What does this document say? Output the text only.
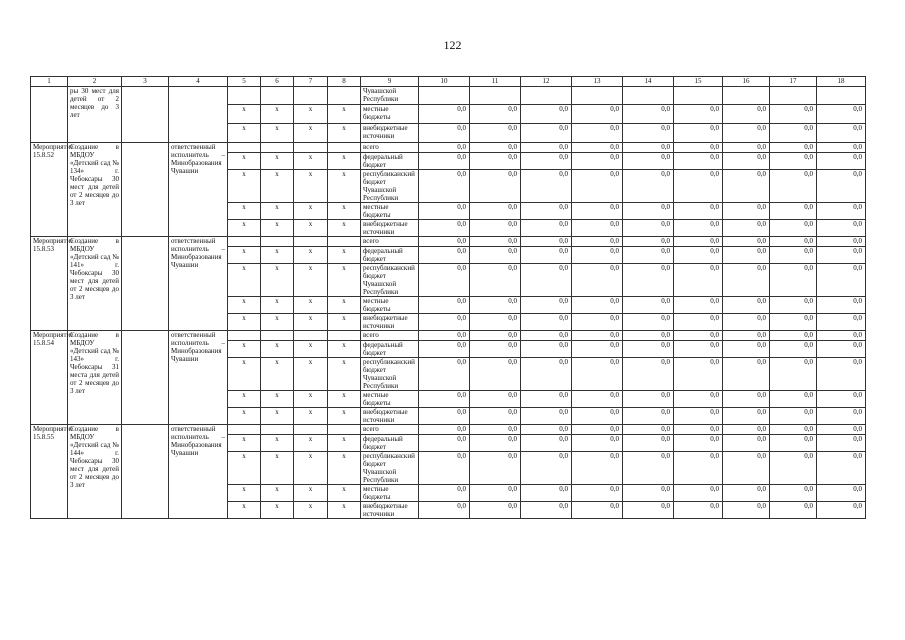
122
1	2	3	4	5	6	7	8	9	10	11	12	13	14	15	16	17	18
	ры 30 мест для детей от 2 месяцев до 3 лет							Чувашской Республики									
				х	х	х	х	местные бюджеты	0,0	0,0	0,0	0,0	0,0	0,0	0,0	0,0	0,0
				х	х	х	х	внебюджетные источники	0,0	0,0	0,0	0,0	0,0	0,0	0,0	0,0	0,0
Мероприятие 15.8.52	Создание в МБДОУ «Детский сад № 134» г. Чебоксары 30 мест для детей от 2 месяцев до 3 лет		ответственный исполнитель – Минобразования Чувашии					всего	0,0	0,0	0,0	0,0	0,0	0,0	0,0	0,0	0,0
				х	х	х	х	федеральный бюджет	0,0	0,0	0,0	0,0	0,0	0,0	0,0	0,0	0,0
				х	х	х	х	республиканский бюджет Чувашской Республики	0,0	0,0	0,0	0,0	0,0	0,0	0,0	0,0	0,0
				х	х	х	х	местные бюджеты	0,0	0,0	0,0	0,0	0,0	0,0	0,0	0,0	0,0
				х	х	х	х	внебюджетные источники	0,0	0,0	0,0	0,0	0,0	0,0	0,0	0,0	0,0
Мероприятие 15.8.53	Создание в МБДОУ «Детский сад № 141» г. Чебоксары 30 мест для детей от 2 месяцев до 3 лет		ответственный исполнитель – Минобразования Чувашии					всего	0,0	0,0	0,0	0,0	0,0	0,0	0,0	0,0	0,0
				х	х	х	х	федеральный бюджет	0,0	0,0	0,0	0,0	0,0	0,0	0,0	0,0	0,0
				х	х	х	х	республиканский бюджет Чувашской Республики	0,0	0,0	0,0	0,0	0,0	0,0	0,0	0,0	0,0
				х	х	х	х	местные бюджеты	0,0	0,0	0,0	0,0	0,0	0,0	0,0	0,0	0,0
				х	х	х	х	внебюджетные источники	0,0	0,0	0,0	0,0	0,0	0,0	0,0	0,0	0,0
Мероприятие 15.8.54	Создание в МБДОУ «Детский сад № 143» г. Чебоксары 31 места для детей от 2 месяцев до 3 лет		ответственный исполнитель – Минобразования Чувашии					всего	0,0	0,0	0,0	0,0	0,0	0,0	0,0	0,0	0,0
				х	х	х	х	федеральный бюджет	0,0	0,0	0,0	0,0	0,0	0,0	0,0	0,0	0,0
				х	х	х	х	республиканский бюджет Чувашской Республики	0,0	0,0	0,0	0,0	0,0	0,0	0,0	0,0	0,0
				х	х	х	х	местные бюджеты	0,0	0,0	0,0	0,0	0,0	0,0	0,0	0,0	0,0
				х	х	х	х	внебюджетные источники	0,0	0,0	0,0	0,0	0,0	0,0	0,0	0,0	0,0
Мероприятие 15.8.55	Создание в МБДОУ «Детский сад № 144» г. Чебоксары 30 мест для детей от 2 месяцев до 3 лет		ответственный исполнитель – Минобразования Чувашии					всего	0,0	0,0	0,0	0,0	0,0	0,0	0,0	0,0	0,0
				х	х	х	х	федеральный бюджет	0,0	0,0	0,0	0,0	0,0	0,0	0,0	0,0	0,0
				х	х	х	х	республиканский бюджет Чувашской Республики	0,0	0,0	0,0	0,0	0,0	0,0	0,0	0,0	0,0
				х	х	х	х	местные бюджеты	0,0	0,0	0,0	0,0	0,0	0,0	0,0	0,0	0,0
				х	х	х	х	внебюджетные источники	0,0	0,0	0,0	0,0	0,0	0,0	0,0	0,0	0,0
